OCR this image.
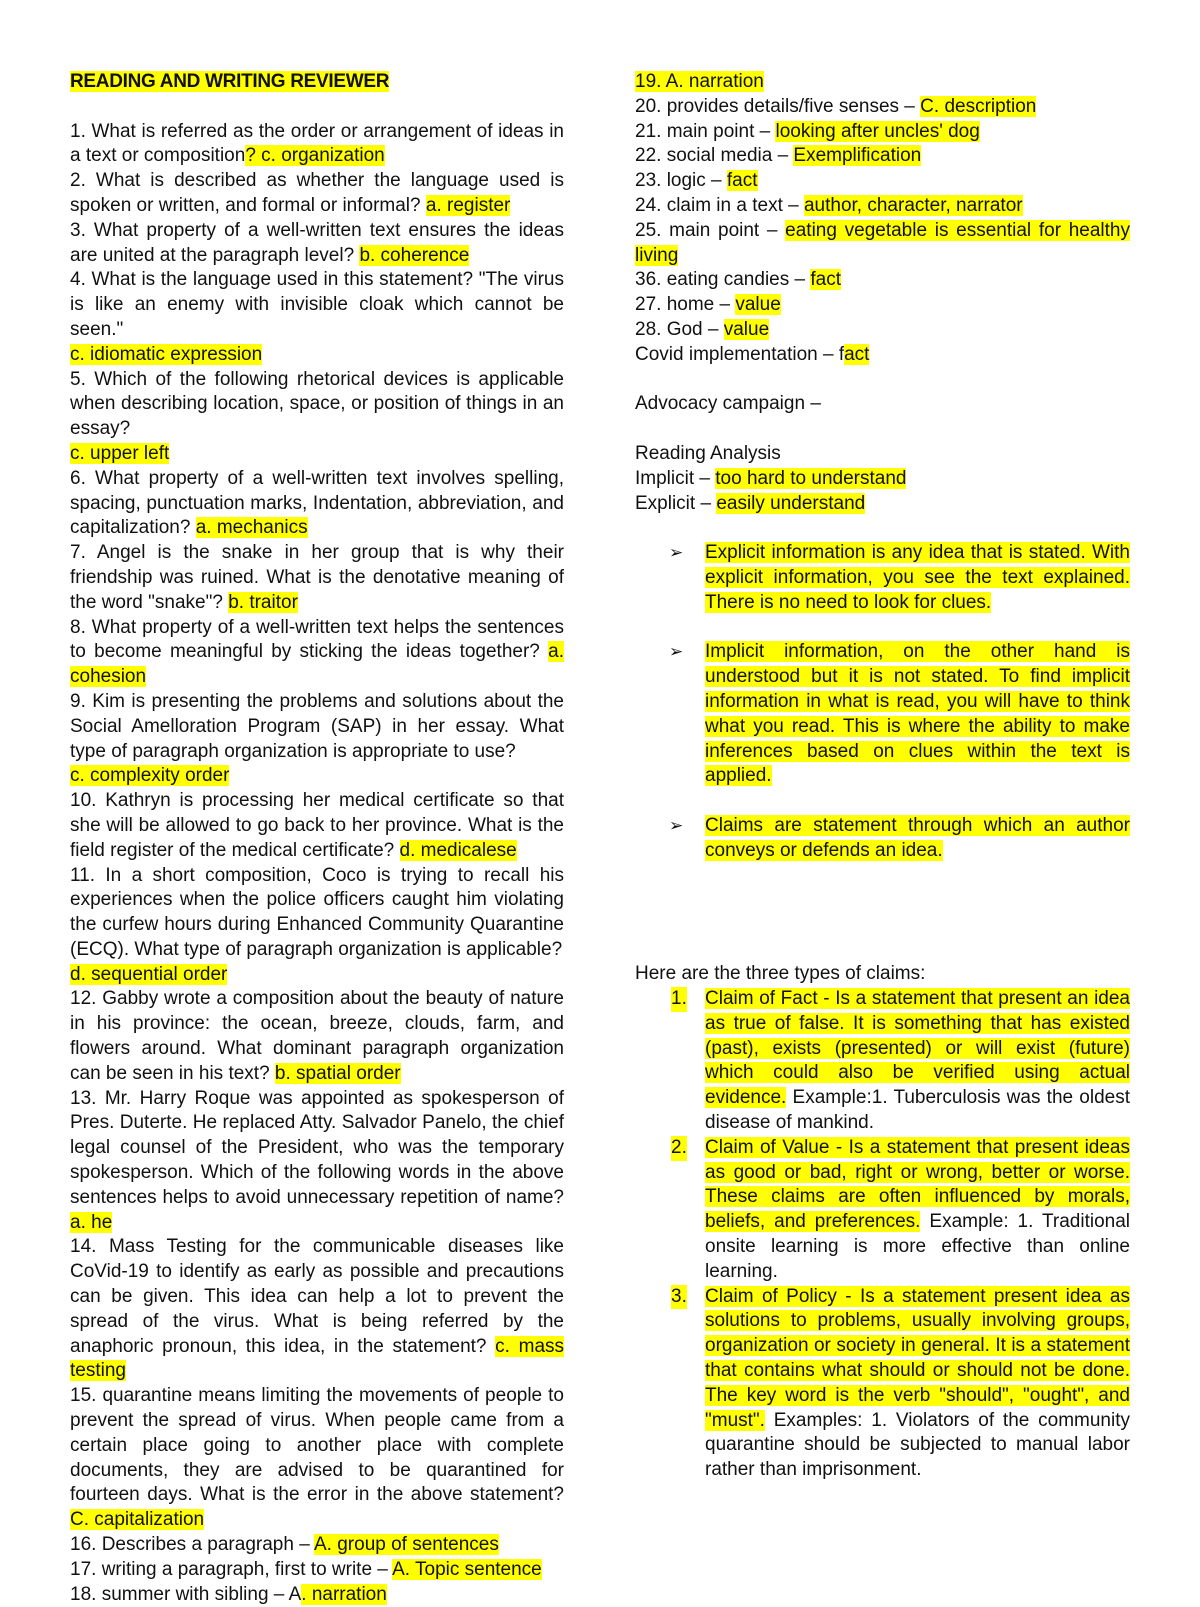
READING AND WRITING REVIEWER

1. What is referred as the order or arrangement of ideas in a text or composition? c. organization

2. What is described as whether the language used is spoken or written, and formal or informal? a. register

3. What property of a well-written text ensures the ideas are united at the paragraph level? b. coherence

4. What is the language used in this statement? "The virus is like an enemy with invisible cloak which cannot be seen."

c. idiomatic expression

5. Which of the following rhetorical devices is applicable when describing location, space, or position of things in an essay?

c. upper left

6. What property of a well-written text involves spelling, spacing, punctuation marks, Indentation, abbreviation, and capitalization? a. mechanics

7. Angel is the snake in her group that is why their friendship was ruined. What is the denotative meaning of the word "snake"? b. traitor

8. What property of a well-written text helps the sentences to become meaningful by sticking the ideas together? a. cohesion

9. Kim is presenting the problems and solutions about the Social Amelloration Program (SAP) in her essay. What type of paragraph organization is appropriate to use?

c. complexity order

10. Kathryn is processing her medical certificate so that she will be allowed to go back to her province. What is the field register of the medical certificate? d. medicalese

11. In a short composition, Coco is trying to recall his experiences when the police officers caught him violating the curfew hours during Enhanced Community Quarantine (ECQ). What type of paragraph organization is applicable?

d. sequential order

12. Gabby wrote a composition about the beauty of nature in his province: the ocean, breeze, clouds, farm, and flowers around. What dominant paragraph organization can be seen in his text? b. spatial order

13. Mr. Harry Roque was appointed as spokesperson of Pres. Duterte. He replaced Atty. Salvador Panelo, the chief legal counsel of the President, who was the temporary spokesperson. Which of the following words in the above sentences helps to avoid unnecessary repetition of name? a. he

14. Mass Testing for the communicable diseases like CoVid-19 to identify as early as possible and precautions can be given. This idea can help a lot to prevent the spread of the virus. What is being referred by the anaphoric pronoun, this idea, in the statement? c. mass testing

15. quarantine means limiting the movements of people to prevent the spread of virus. When people came from a certain place going to another place with complete documents, they are advised to be quarantined for fourteen days. What is the error in the above statement? C. capitalization

16. Describes a paragraph – A. group of sentences

17. writing a paragraph, first to write – A. Topic sentence

18. summer with sibling – A. narration

19. A. narration

20. provides details/five senses – C. description

21. main point – looking after uncles' dog

22. social media – Exemplification

23. logic – fact

24. claim in a text – author, character, narrator

25. main point – eating vegetable is essential for healthy living

36. eating candies – fact

27. home – value

28. God – value

Covid implementation – fact

Advocacy campaign –

Reading Analysis

Implicit – too hard to understand

Explicit – easily understand

➢ Explicit information is any idea that is stated. With explicit information, you see the text explained. There is no need to look for clues.
➢ Implicit information, on the other hand is understood but it is not stated. To find implicit information in what is read, you will have to think what you read. This is where the ability to make inferences based on clues within the text is applied.
➢ Claims are statement through which an author conveys or defends an idea.

Here are the three types of claims:

1. Claim of Fact - Is a statement that present an idea as true of false. It is something that has existed (past), exists (presented) or will exist (future) which could also be verified using actual evidence. Example:1. Tuberculosis was the oldest disease of mankind.
2. Claim of Value - Is a statement that present ideas as good or bad, right or wrong, better or worse. These claims are often influenced by morals, beliefs, and preferences. Example: 1. Traditional onsite learning is more effective than online learning.
3. Claim of Policy - Is a statement present idea as solutions to problems, usually involving groups, organization or society in general. It is a statement that contains what should or should not be done. The key word is the verb "should", "ought", and "must". Examples: 1. Violators of the community quarantine should be subjected to manual labor rather than imprisonment.
